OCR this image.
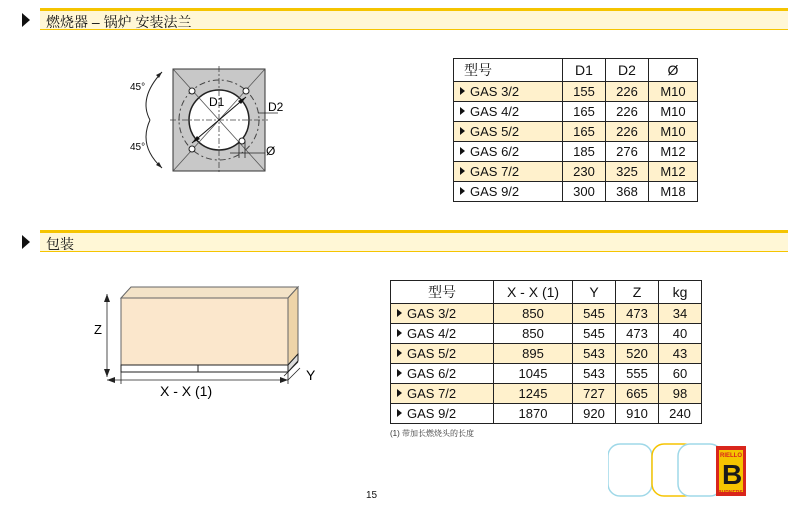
燃烧器 – 锅炉 安装法兰
45°
45°
D1	D2
Ø
型号	D1	D2	Ø
GAS 3/2	155	226	M10
GAS 4/2	165	226	M10
GAS 5/2	165	226	M10
GAS 6/2	185	276	M12
GAS 7/2	230	325	M12
GAS 9/2	300	368	M18
包装
Z
X - X (1)
Y
型号	X - X (1)	Y	Z	kg
GAS 3/2	850	545	473	34
GAS 4/2	850	545	473	40
GAS 5/2	895	543	520	43
GAS 6/2	1045	543	555	60
GAS 7/2	1245	727	665	98
GAS 9/2	1870	920	910	240
(1) 带加长燃烧头的长度
15
RIELLO
B
BURNERS
